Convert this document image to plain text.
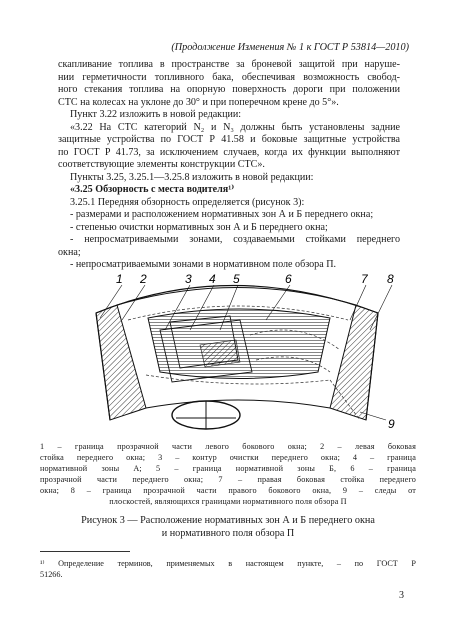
(Продолжение Изменения № 1 к ГОСТ Р 53814—2010)
скапливание топлива в пространстве за броневой защитой при наруше-
нии герметичности топливного бака, обеспечивая возможность свобод-
ного стекания топлива на опорную поверхность дороги при положении
СТС на колесах на уклоне до 30° и при поперечном крене до 5°».
Пункт 3.22 изложить в новой редакции:
«3.22 На СТС категорий N₂ и N₃ должны быть установлены задние
защитные устройства по ГОСТ Р 41.58 и боковые защитные устройства
по ГОСТ Р 41.73, за исключением случаев, когда их функции выполняют
соответствующие элементы конструкции СТС».
Пункты 3.25, 3.25.1—3.25.8 изложить в новой редакции:
«3.25 Обзорность с места водителя¹⁾
3.25.1 Передняя обзорность определяется (рисунок 3):
- размерами и расположением нормативных зон А и Б переднего окна;
- степенью очистки нормативных зон А и Б переднего окна;
- непросматриваемыми зонами, создаваемыми стойками переднего
окна;
- непросматриваемыми зонами в нормативном поле обзора П.
1 2	3 4 5	6	7 8
9
1 – граница прозрачной части левого бокового окна; 2 – левая боковая
стойка переднего окна; 3 – контур очистки переднего окна; 4 – граница
нормативной зоны А; 5 – граница нормативной зоны Б, 6 – граница
прозрачной части переднего окна; 7 – правая боковая стойка переднего
окна; 8 – граница прозрачной части правого бокового окна, 9 – следы от
плоскостей, являющихся границами нормативного поля обзора П
Рисунок 3 — Расположение нормативных зон А и Б переднего окна
и нормативного поля обзора П
¹⁾ Определение терминов, применяемых в настоящем пункте, – по ГОСТ Р
51266.
3
